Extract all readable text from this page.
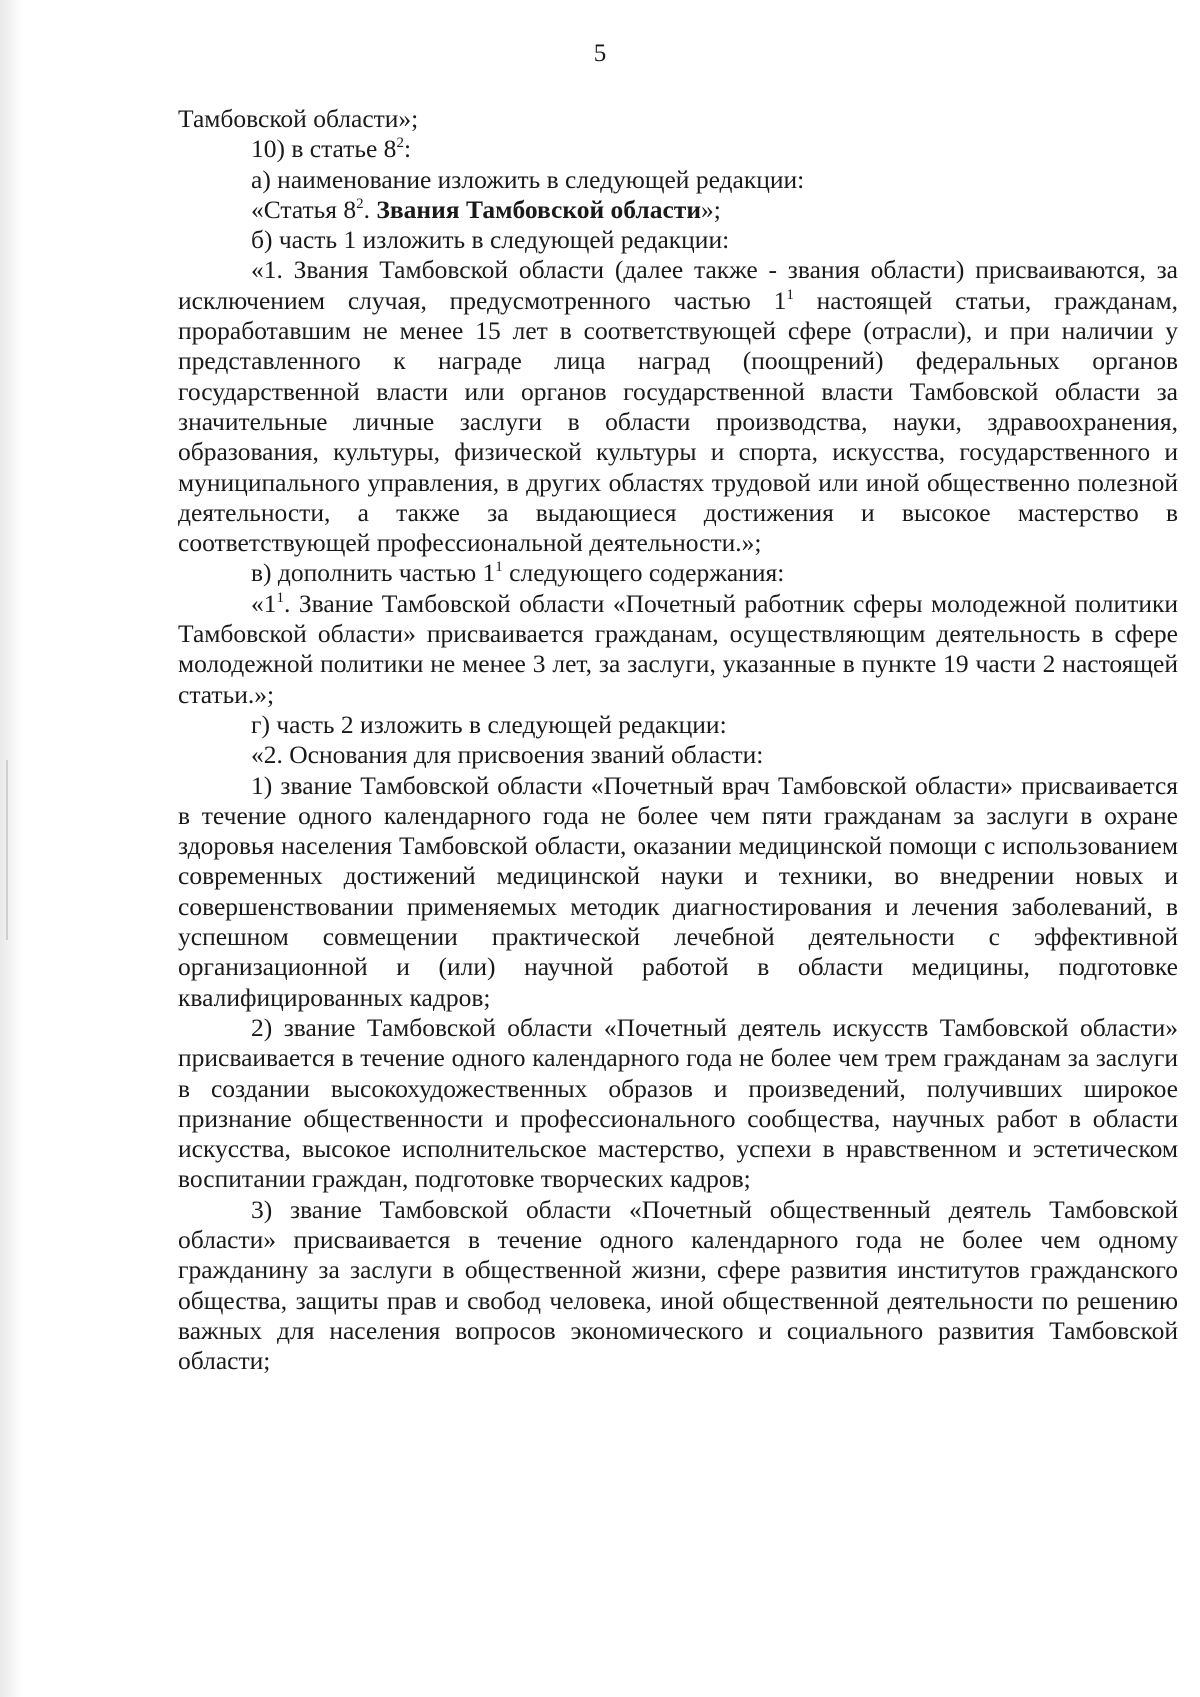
5

Тамбовской области»;

10) в статье $8^2$:

а) наименование изложить в следующей редакции:

«Статья $8^2$. Звания Тамбовской области»;

б) часть 1 изложить в следующей редакции:

«1. Звания Тамбовской области (далее также - звания области) присваиваются, за исключением случая, предусмотренного частью $1^1$ настоящей статьи, гражданам, проработавшим не менее 15 лет в соответствующей сфере (отрасли), и при наличии у представленного к награде лица наград (поощрений) федеральных органов государственной власти или органов государственной власти Тамбовской области за значительные личные заслуги в области производства, науки, здравоохранения, образования, культуры, физической культуры и спорта, искусства, государственного и муниципального управления, в других областях трудовой или иной общественно полезной деятельности, а также за выдающиеся достижения и высокое мастерство в соответствующей профессиональной деятельности.»;

в) дополнить частью $1^1$ следующего содержания:

«$1^1$. Звание Тамбовской области «Почетный работник сферы молодежной политики Тамбовской области» присваивается гражданам, осуществляющим деятельность в сфере молодежной политики не менее 3 лет, за заслуги, указанные в пункте 19 части 2 настоящей статьи.»;

г) часть 2 изложить в следующей редакции:

«2. Основания для присвоения званий области:

1) звание Тамбовской области «Почетный врач Тамбовской области» присваивается в течение одного календарного года не более чем пяти гражданам за заслуги в охране здоровья населения Тамбовской области, оказании медицинской помощи с использованием современных достижений медицинской науки и техники, во внедрении новых и совершенствовании применяемых методик диагностирования и лечения заболеваний, в успешном совмещении практической лечебной деятельности с эффективной организационной и (или) научной работой в области медицины, подготовке квалифицированных кадров;

2) звание Тамбовской области «Почетный деятель искусств Тамбовской области» присваивается в течение одного календарного года не более чем трем гражданам за заслуги в создании высокохудожественных образов и произведений, получивших широкое признание общественности и профессионального сообщества, научных работ в области искусства, высокое исполнительское мастерство, успехи в нравственном и эстетическом воспитании граждан, подготовке творческих кадров;

3) звание Тамбовской области «Почетный общественный деятель Тамбовской области» присваивается в течение одного календарного года не более чем одному гражданину за заслуги в общественной жизни, сфере развития институтов гражданского общества, защиты прав и свобод человека, иной общественной деятельности по решению важных для населения вопросов экономического и социального развития Тамбовской области;
